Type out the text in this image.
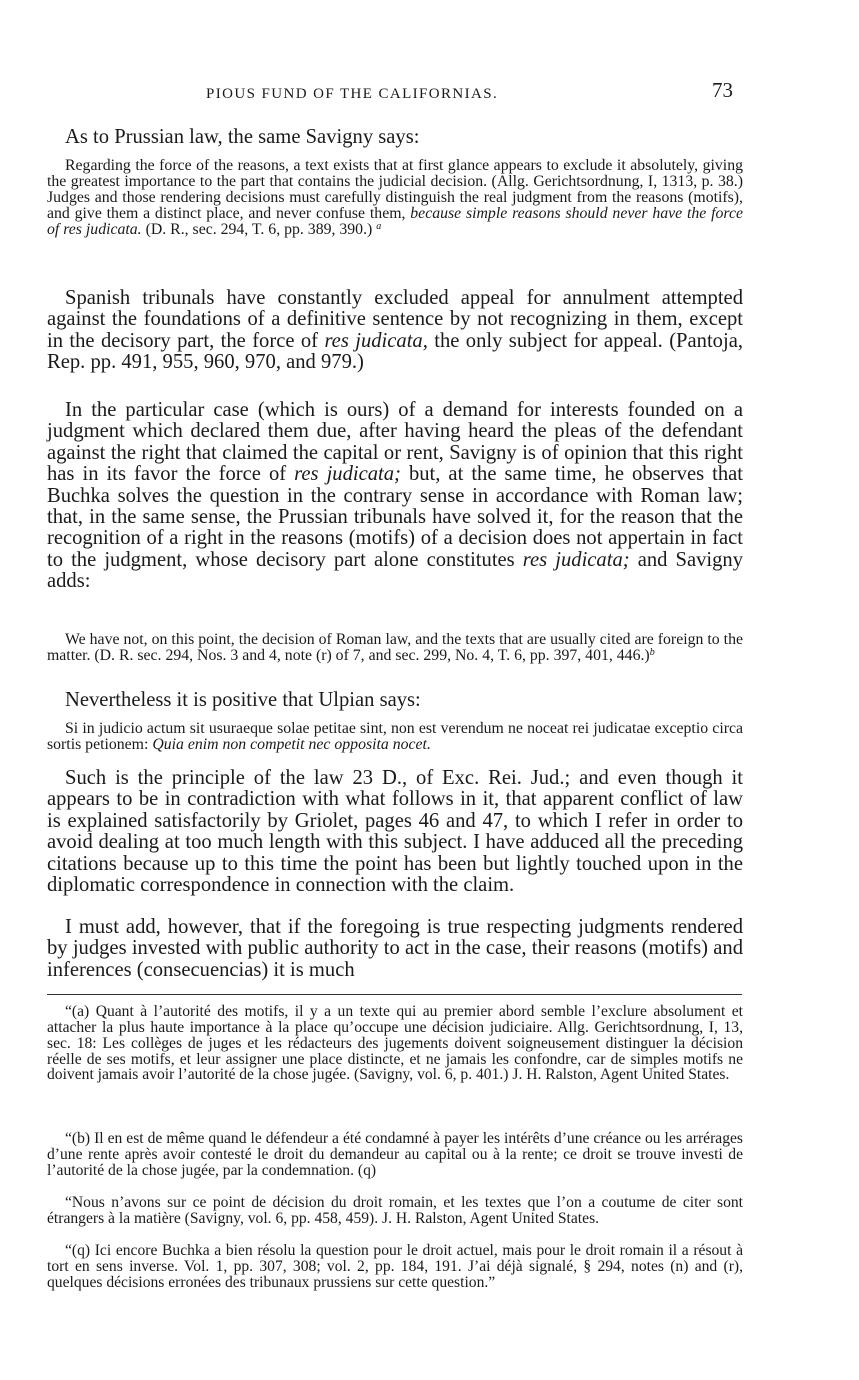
PIOUS FUND OF THE CALIFORNIAS.	73

As to Prussian law, the same Savigny says:

Regarding the force of the reasons, a text exists that at first glance appears to exclude it absolutely, giving the greatest importance to the part that contains the judicial decision. (Allg. Gerichtsordnung, I, 1313, p. 38.) Judges and those rendering decisions must carefully distinguish the real judgment from the reasons (motifs), and give them a distinct place, and never confuse them, because simple reasons should never have the force of res judicata. (D. R., sec. 294, T. 6, pp. 389, 390.) $^a$

Spanish tribunals have constantly excluded appeal for annulment attempted against the foundations of a definitive sentence by not recognizing in them, except in the decisory part, the force of res judicata, the only subject for appeal. (Pantoja, Rep. pp. 491, 955, 960, 970, and 979.)

In the particular case (which is ours) of a demand for interests founded on a judgment which declared them due, after having heard the pleas of the defendant against the right that claimed the capital or rent, Savigny is of opinion that this right has in its favor the force of res judicata; but, at the same time, he observes that Buchka solves the question in the contrary sense in accordance with Roman law; that, in the same sense, the Prussian tribunals have solved it, for the reason that the recognition of a right in the reasons (motifs) of a decision does not appertain in fact to the judgment, whose decisory part alone constitutes res judicata; and Savigny adds:

We have not, on this point, the decision of Roman law, and the texts that are usually cited are foreign to the matter. (D. R. sec. 294, Nos. 3 and 4, note (r) of 7, and sec. 299, No. 4, T. 6, pp. 397, 401, 446.)$^b$

Nevertheless it is positive that Ulpian says:

Si in judicio actum sit usuraeque solae petitae sint, non est verendum ne noceat rei judicatae exceptio circa sortis petionem: Quia enim non competit nec opposita nocet.

Such is the principle of the law 23 D., of Exc. Rei. Jud.; and even though it appears to be in contradiction with what follows in it, that apparent conflict of law is explained satisfactorily by Griolet, pages 46 and 47, to which I refer in order to avoid dealing at too much length with this subject. I have adduced all the preceding citations because up to this time the point has been but lightly touched upon in the diplomatic correspondence in connection with the claim.

I must add, however, that if the foregoing is true respecting judgments rendered by judges invested with public authority to act in the case, their reasons (motifs) and inferences (consecuencias) it is much

“(a) Quant à l’autorité des motifs, il y a un texte qui au premier abord semble l’exclure absolument et attacher la plus haute importance à la place qu’occupe une décision judiciaire. Allg. Gerichtsordnung, I, 13, sec. 18: Les collèges de juges et les rédacteurs des jugements doivent soigneusement distinguer la décision réelle de ses motifs, et leur assigner une place distincte, et ne jamais les confondre, car de simples motifs ne doivent jamais avoir l’autorité de la chose jugée. (Savigny, vol. 6, p. 401.) J. H. Ralston, Agent United States.

“(b) Il en est de même quand le défendeur a été condamné à payer les intérêts d’une créance ou les arrérages d’une rente après avoir contesté le droit du demandeur au capital ou à la rente; ce droit se trouve investi de l’autorité de la chose jugée, par la condemnation. (q)

“Nous n’avons sur ce point de décision du droit romain, et les textes que l’on a coutume de citer sont étrangers à la matière (Savigny, vol. 6, pp. 458, 459). J. H. Ralston, Agent United States.

“(q) Ici encore Buchka a bien résolu la question pour le droit actuel, mais pour le droit romain il a résout à tort en sens inverse. Vol. 1, pp. 307, 308; vol. 2, pp. 184, 191. J’ai déjà signalé, § 294, notes (n) and (r), quelques décisions erronées des tribunaux prussiens sur cette question.”
